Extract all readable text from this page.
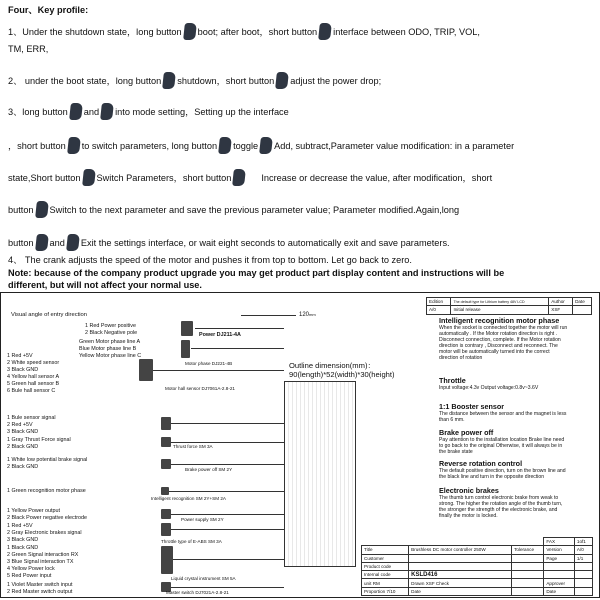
Four、Key profile:
1、Under the shutdown state，long button boot; after boot，short button interface between ODO, TRIP, VOL,
TM, ERR,
2、 under the boot state，long button shutdown，short button adjust the power drop;
3、long button and into mode setting，Setting up the interface
，short button to switch parameters, long button toggle Add, subtract,Parameter value modification: in a parameter
state,Short button Switch Parameters，short button	Increase or decrease the value, after modification，short
button Switch to the next parameter and save the previous parameter value; Parameter modified.Again,long
button and Exit the settings interface, or wait eight seconds to automatically exit and save parameters.
4、 The crank adjusts the speed of the motor and pushes it from top to bottom. Let go back to zero.
Note: because of the company product upgrade you may get product part display content and instructions will be
different, but will not affect your normal use.
Visual angle of entry direction	120mm
Outline dimension(mm)：
90(length)*52(width)*30(height)
1 Red Power positive
2 Black Negative pole
Green Motor phase line A
Blue Motor phase line B
Yellow Motor phase line C
1 Red +5V
2 White speed sensor
3 Black GND
4 Yellow hall sensor A
5 Green hall sensor B
6 Bule hall sensor C
1 Bule sensor signal
2 Red +5V
3 Black GND
1 Gray Thrust Force signal
2 Black GND
1 White low potential brake signal
2 Black GND
1 Green recognition motor phase
1 Yellow Power output
2 Black Power negative electrode
1 Red +5V
2 Gray Electronic brakes signal
3 Black GND
1 Black GND
2 Green Signal interaction RX
3 Blue Signal interaction TX
4 Yellow Power lock
5 Red Power input
1 Violet Master switch input
2 Red Master switch output
Power DJ211-4A
Motor phase DJ221-4B
Motor hall sensor DJ7061A-2.8-21
Thrust force SM 3A
Brake power off SM 2Y
Intelligent recognition SM 2Y+SM 2A
Power supply SM 2Y
Throttle type of E-ABS SM 3A
Liquid crystal instrument SM 5A
Master switch DJ7021A-2.8-21
Edition	The default type for Lithium battery 48V LCD	Author	Date
A/0	Initial release	XSF	
Intelligent recognition motor phase
When the socket is connected together the motor will run automatically . If the Motor rotation direction is right . Disconnect connection, complete. If the Motor rotation direction is contrary , Disconnect and reconnect. The motor will be automatically turned into the correct direction of rotation
Throttle
Input voltage:4.3v Output voltage:0.8v~3.6V
1:1 Booster sensor
The distance between the sensor and the magnet is less than 6 mm.
Brake power off
Pay attention to the installation location Brake line need to go back to the original Otherwise, it will always be in the brake state
Reverse rotation control
The default positive direction, turn on the brown line and the black line and turn in the opposite direction
Electronic brakes
The thumb turn control electronic brake from weak to strong. The higher the rotation angle of the thumb turn, the stronger the strength of the electronic brake, and finally the motor is locked.
			FAX	1of1
Title	Brushless DC motor controller 250W	Tolerance	Version	A/0
Customer			Page	1/1
Product code				
Internal code	KSLD416			
unit RM	Drawn XSF Check		Approver	
Proportion 7/10	Date		Date	
